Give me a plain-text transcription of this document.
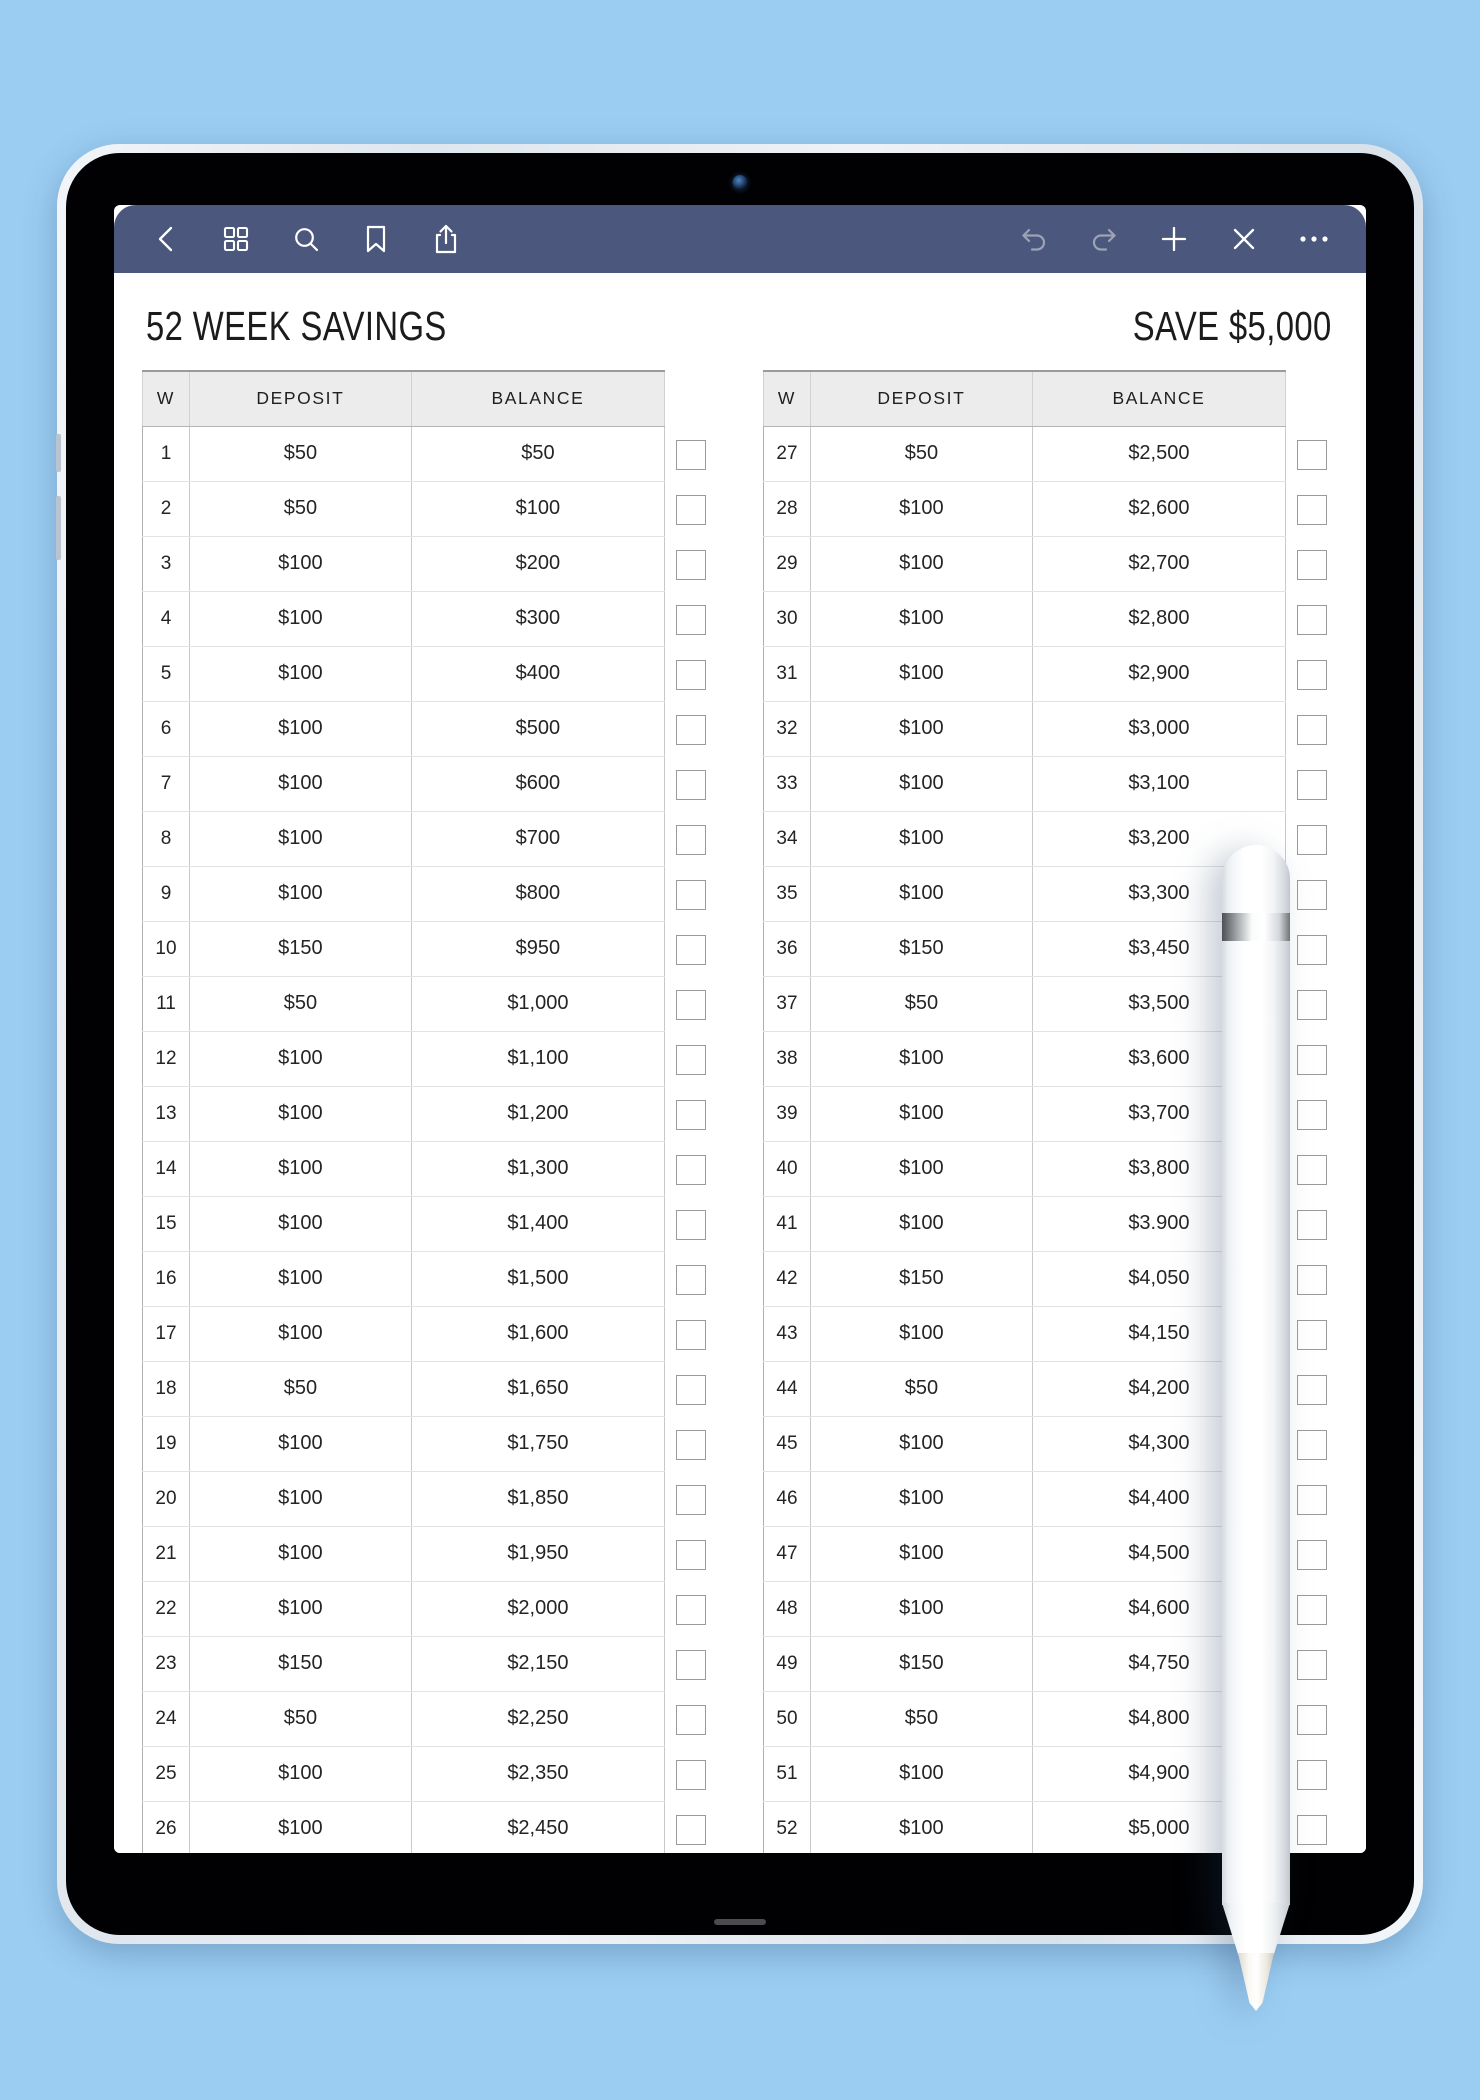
52 WEEK SAVINGS	SAVE $5,000
W	DEPOSIT	BALANCE
1	$50	$50
2	$50	$100
3	$100	$200
4	$100	$300
5	$100	$400
6	$100	$500
7	$100	$600
8	$100	$700
9	$100	$800
10	$150	$950
11	$50	$1,000
12	$100	$1,100
13	$100	$1,200
14	$100	$1,300
15	$100	$1,400
16	$100	$1,500
17	$100	$1,600
18	$50	$1,650
19	$100	$1,750
20	$100	$1,850
21	$100	$1,950
22	$100	$2,000
23	$150	$2,150
24	$50	$2,250
25	$100	$2,350
26	$100	$2,450
W	DEPOSIT	BALANCE
27	$50	$2,500
28	$100	$2,600
29	$100	$2,700
30	$100	$2,800
31	$100	$2,900
32	$100	$3,000
33	$100	$3,100
34	$100	$3,200
35	$100	$3,300
36	$150	$3,450
37	$50	$3,500
38	$100	$3,600
39	$100	$3,700
40	$100	$3,800
41	$100	$3.900
42	$150	$4,050
43	$100	$4,150
44	$50	$4,200
45	$100	$4,300
46	$100	$4,400
47	$100	$4,500
48	$100	$4,600
49	$150	$4,750
50	$50	$4,800
51	$100	$4,900
52	$100	$5,000
